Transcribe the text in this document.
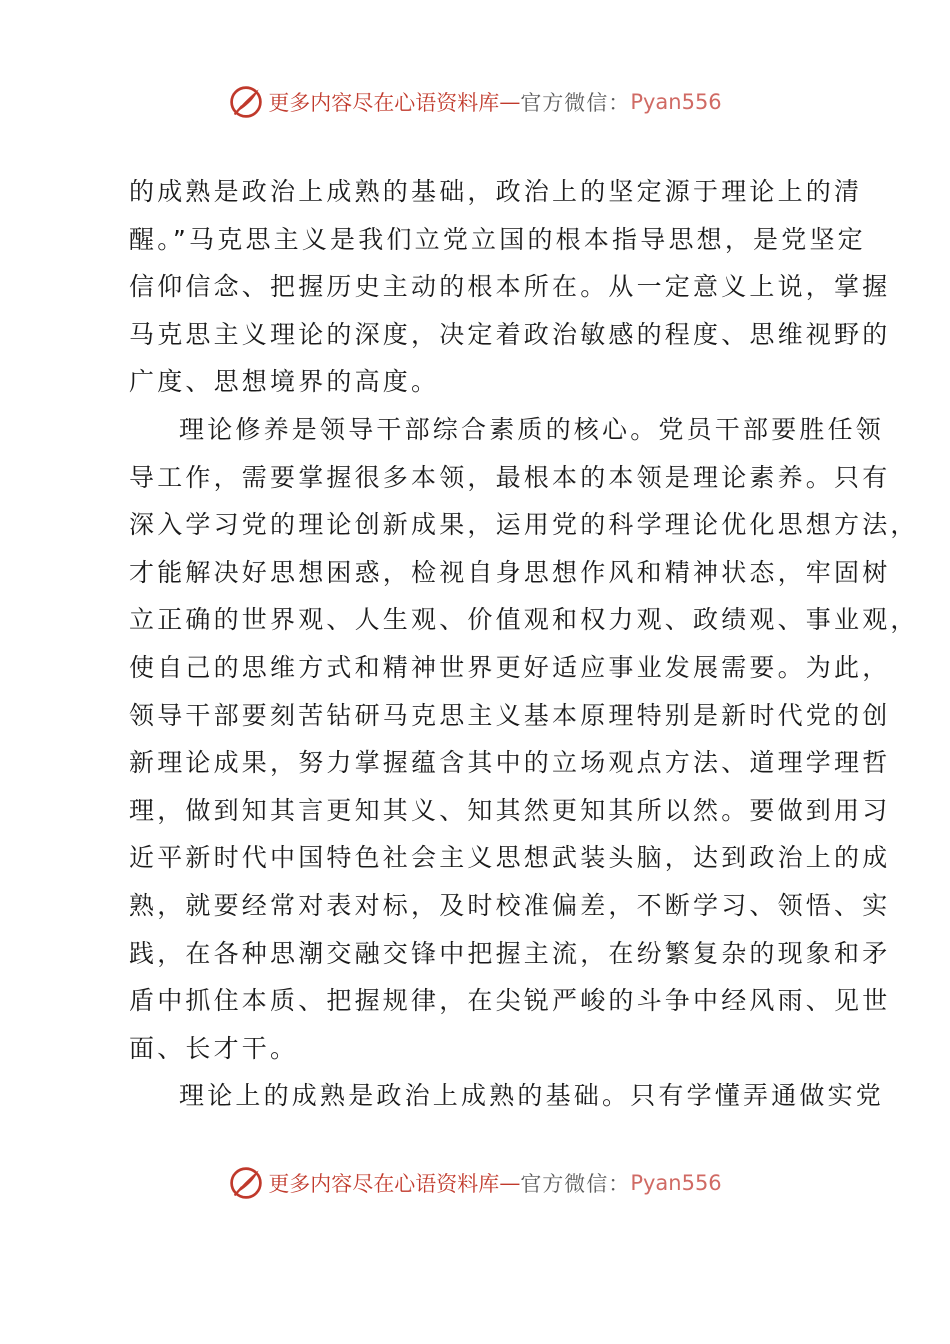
更多内容尽在心语资料库 — 官方微信： Pyan556
的成熟是政治上成熟的基础，政治上的坚定源于理论上的清
醒。”马克思主义是我们立党立国的根本指导思想，是党坚定
信仰信念、把握历史主动的根本所在。从一定意义上说，掌握
马克思主义理论的深度，决定着政治敏感的程度、思维视野的
广度、思想境界的高度。
理论修养是领导干部综合素质的核心。党员干部要胜任领
导工作，需要掌握很多本领，最根本的本领是理论素养。只有
深入学习党的理论创新成果，运用党的科学理论优化思想方法，
才能解决好思想困惑，检视自身思想作风和精神状态，牢固树
立正确的世界观、人生观、价值观和权力观、政绩观、事业观，
使自己的思维方式和精神世界更好适应事业发展需要。为此，
领导干部要刻苦钻研马克思主义基本原理特别是新时代党的创
新理论成果，努力掌握蕴含其中的立场观点方法、道理学理哲
理，做到知其言更知其义、知其然更知其所以然。要做到用习
近平新时代中国特色社会主义思想武装头脑，达到政治上的成
熟，就要经常对表对标，及时校准偏差，不断学习、领悟、实
践，在各种思潮交融交锋中把握主流，在纷繁复杂的现象和矛
盾中抓住本质、把握规律，在尖锐严峻的斗争中经风雨、见世
面、长才干。
理论上的成熟是政治上成熟的基础。只有学懂弄通做实党
更多内容尽在心语资料库 — 官方微信： Pyan556
